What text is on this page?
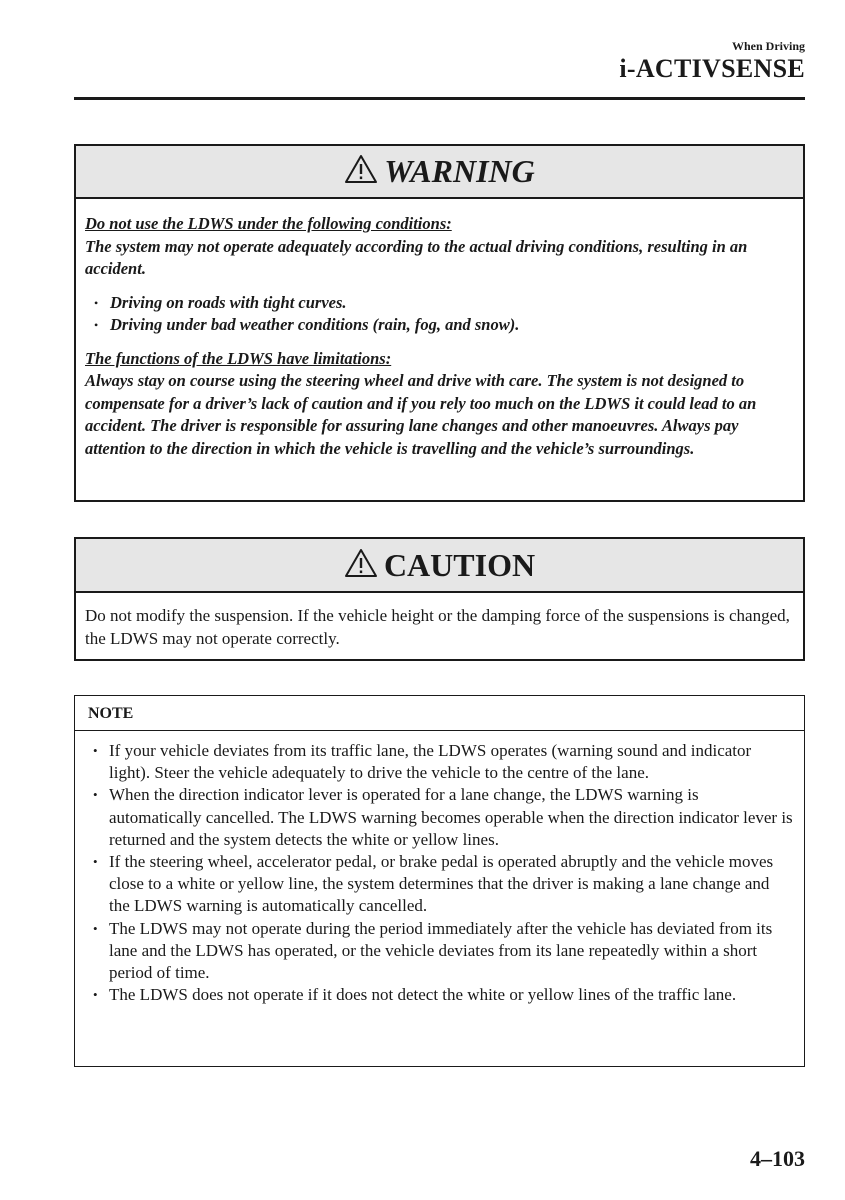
When Driving
i-ACTIVSENSE
WARNING
Do not use the LDWS under the following conditions:
The system may not operate adequately according to the actual driving conditions, resulting in an accident.
• Driving on roads with tight curves.
• Driving under bad weather conditions (rain, fog, and snow).
The functions of the LDWS have limitations:
Always stay on course using the steering wheel and drive with care. The system is not designed to compensate for a driver’s lack of caution and if you rely too much on the LDWS it could lead to an accident. The driver is responsible for assuring lane changes and other manoeuvres. Always pay attention to the direction in which the vehicle is travelling and the vehicle’s surroundings.
CAUTION
Do not modify the suspension. If the vehicle height or the damping force of the suspensions is changed, the LDWS may not operate correctly.
NOTE
• If your vehicle deviates from its traffic lane, the LDWS operates (warning sound and indicator light). Steer the vehicle adequately to drive the vehicle to the centre of the lane.
• When the direction indicator lever is operated for a lane change, the LDWS warning is automatically cancelled. The LDWS warning becomes operable when the direction indicator lever is returned and the system detects the white or yellow lines.
• If the steering wheel, accelerator pedal, or brake pedal is operated abruptly and the vehicle moves close to a white or yellow line, the system determines that the driver is making a lane change and the LDWS warning is automatically cancelled.
• The LDWS may not operate during the period immediately after the vehicle has deviated from its lane and the LDWS has operated, or the vehicle deviates from its lane repeatedly within a short period of time.
• The LDWS does not operate if it does not detect the white or yellow lines of the traffic lane.
4–103
